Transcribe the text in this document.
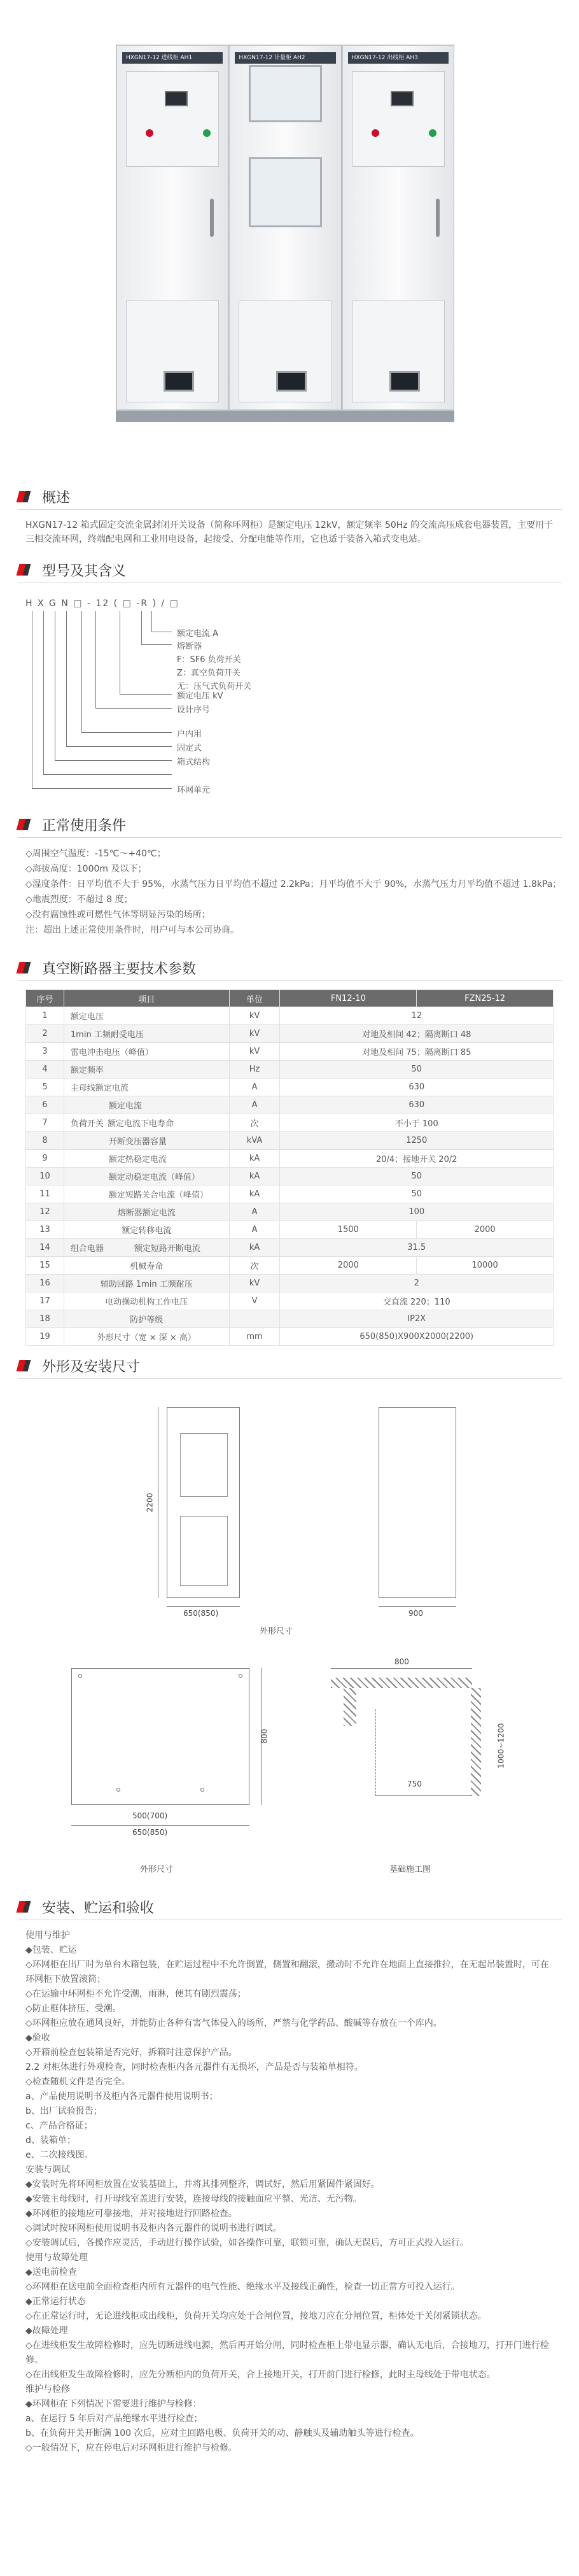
HXGN17-12 进线柜 AH1	HXGN17-12 计量柜 AH2	HXGN17-12 出线柜 AH3
概述

HXGN17-12 箱式固定交流金属封闭开关设备（简称环网柜）是额定电压 12kV，额定频率 50Hz 的交流高压成套电器装置，主要用于三相交流环网，终端配电网和工业用电设备，起接受、分配电能等作用，它也适于装备入箱式变电站。

型号及其含义
H X G N □ - 12 ( □ -R ) / □
额定电流 A
熔断器
F：SF6 负荷开关
Z：真空负荷开关
无：压气式负荷开关
额定电压 kV
设计序号
户内用
固定式
箱式结构
环网单元
正常使用条件

◇周围空气温度：-15℃～+40℃；

◇海拔高度：1000m 及以下；

◇湿度条件：日平均值不大于 95%，水蒸气压力日平均值不超过 2.2kPa；月平均值不大于 90%，水蒸气压力月平均值不超过 1.8kPa；

◇地震烈度：不超过 8 度；

◇没有腐蚀性或可燃性气体等明显污染的场所；

注：超出上述正常使用条件时，用户可与本公司协商。

真空断路器主要技术参数
序号	项目	单位	FN12-10	FZN25-12
1	额定电压	kV	12	
2	1min 工频耐受电压	kV	对地及相间 42；隔离断口 48	
3	雷电冲击电压（峰值）	kV	对地及相间 75；隔离断口 85	
4	额定频率	Hz	50	
5	主母线额定电流	A	630	
6	额定电流	A	630	
7	负荷开关 额定电流下电寿命	次	不小于 100	
8	开断变压器容量	kVA	1250	
9	额定热稳定电流	kA	20/4；接地开关 20/2	
10	额定动稳定电流（峰值）	kA	50	
11	额定短路关合电流（峰值）	kA	50	
12	熔断器额定电流	A	100	
13	额定转移电流	A	1500	2000
14	组合电器 额定短路开断电流	kA	31.5	
15	机械寿命	次	2000	10000
16	辅助回路 1min 工频耐压	kV	2	
17	电动操动机构工作电压	V	交直流 220；110	
18	防护等级		IP2X	
19	外形尺寸（宽 × 深 × 高）	mm	650(850)X900X2000(2200)	
外形及安装尺寸
2200
650(850)	900
外形尺寸
800
500(700)
650(850)
外形尺寸
800
750
1000~1200
基础施工图
安装、贮运和验收

使用与维护

◆包装、贮运

◇环网柜在出厂时为单台木箱包装，在贮运过程中不允许倒置，侧置和翻滚，搬动时不允许在地面上直接推拉，在无起吊装置时，可在环网柜下放置滚筒；

◇在运输中环网柜不允许受潮，雨淋，便其有剧烈震荡；

◇防止框体挤压、受潮。

◇环网柜应放在通风良好，并能防止各种有害气体侵入的场所，严禁与化学药品、酸碱等存放在一个库内。

◆验收

◇开箱前检查包装箱是否完好，拆箱时注意保护产品。

2.2 对柜体进行外观检查，同时检查柜内各元器件有无损坏，产品是否与装箱单相符。

◇检查随机文件是否完全。

a、产品使用说明书及柜内各元器件使用说明书；

b、出厂试验报告；

c、产品合格证；

d、装箱单；

e、二次接线图。

安装与调试

◆安装时先将环网柜放置在安装基础上，并将其排列整齐，调试好，然后用紧固件紧固好。

◆安装主母线时，打开母线室盖进行安装，连接母线的接触面应平整、光洁、无污物。

◆环网柜的接地应可靠接地，并对接地进行回路检查。

◇调试时按环网柜使用说明书及柜内各元器件的说明书进行调试。

◇安装调试后，各操作应灵活，手动进行操作试验，如各操作可靠，联锁可靠，确认无误后，方可正式投入运行。

使用与故障处理

◆送电前检查

◇环网柜在送电前全面检查柜内所有元器件的电气性能、绝缘水平及接线正确性，检查一切正常方可投入运行。

◆正常运行状态

◇在正常运行时，无论进线柜或出线柜，负荷开关均应处于合闸位置，接地刀应在分闸位置，柜体处于关闭紧锁状态。

◆故障处理

◇在进线柜发生故障检修时，应先切断进线电源，然后再开始分闸，同时检查柜上带电显示器，确认无电后，合接地刀，打开门进行检修。

◇在出线柜发生故障检修时，应先分断柜内的负荷开关，合上接地开关，打开前门进行检修，此时主母线处于带电状态。

维护与检修

◆环网柜在下列情况下需要进行维护与检修：

a、在运行 5 年后对产品绝缘水平进行检查；

b、在负荷开关开断满 100 次后，应对主回路电极、负荷开关的动、静触头及辅助触头等进行检查。

◇一般情况下，应在停电后对环网柜进行维护与检修。
